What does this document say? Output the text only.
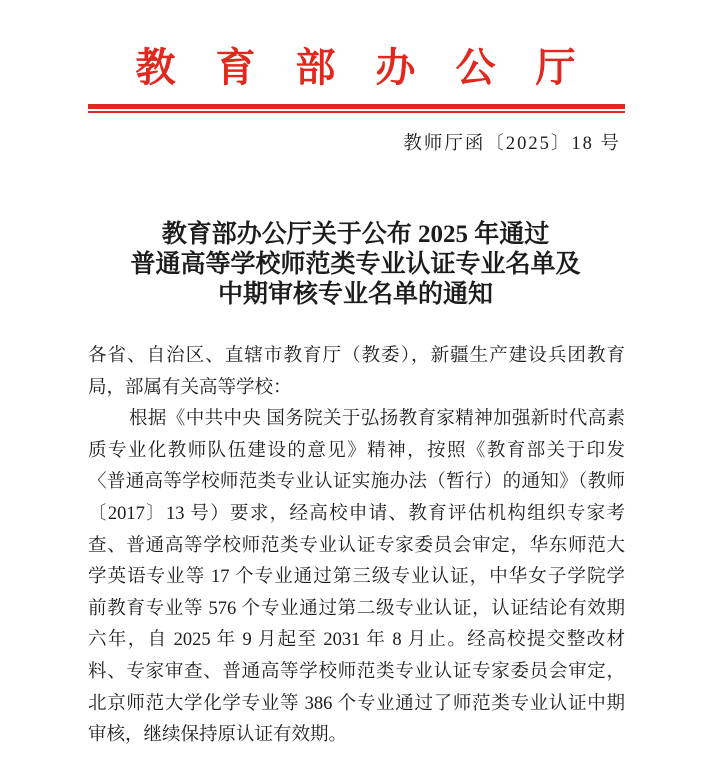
教育部办公厅
教师厅函〔2025〕18 号
教育部办公厅关于公布 2025 年通过
普通高等学校师范类专业认证专业名单及
中期审核专业名单的通知
各省、自治区、直辖市教育厅（教委），新疆生产建设兵团教育
局，部属有关高等学校：
根据《中共中央 国务院关于弘扬教育家精神加强新时代高素
质专业化教师队伍建设的意见》精神，按照《教育部关于印发
〈普通高等学校师范类专业认证实施办法（暂行）的通知》（教师
〔2017〕13 号）要求，经高校申请、教育评估机构组织专家考
查、普通高等学校师范类专业认证专家委员会审定，华东师范大
学英语专业等 17 个专业通过第三级专业认证，中华女子学院学
前教育专业等 576 个专业通过第二级专业认证，认证结论有效期
六年，自 2025 年 9 月起至 2031 年 8 月止。经高校提交整改材
料、专家审查、普通高等学校师范类专业认证专家委员会审定，
北京师范大学化学专业等 386 个专业通过了师范类专业认证中期
审核，继续保持原认证有效期。
